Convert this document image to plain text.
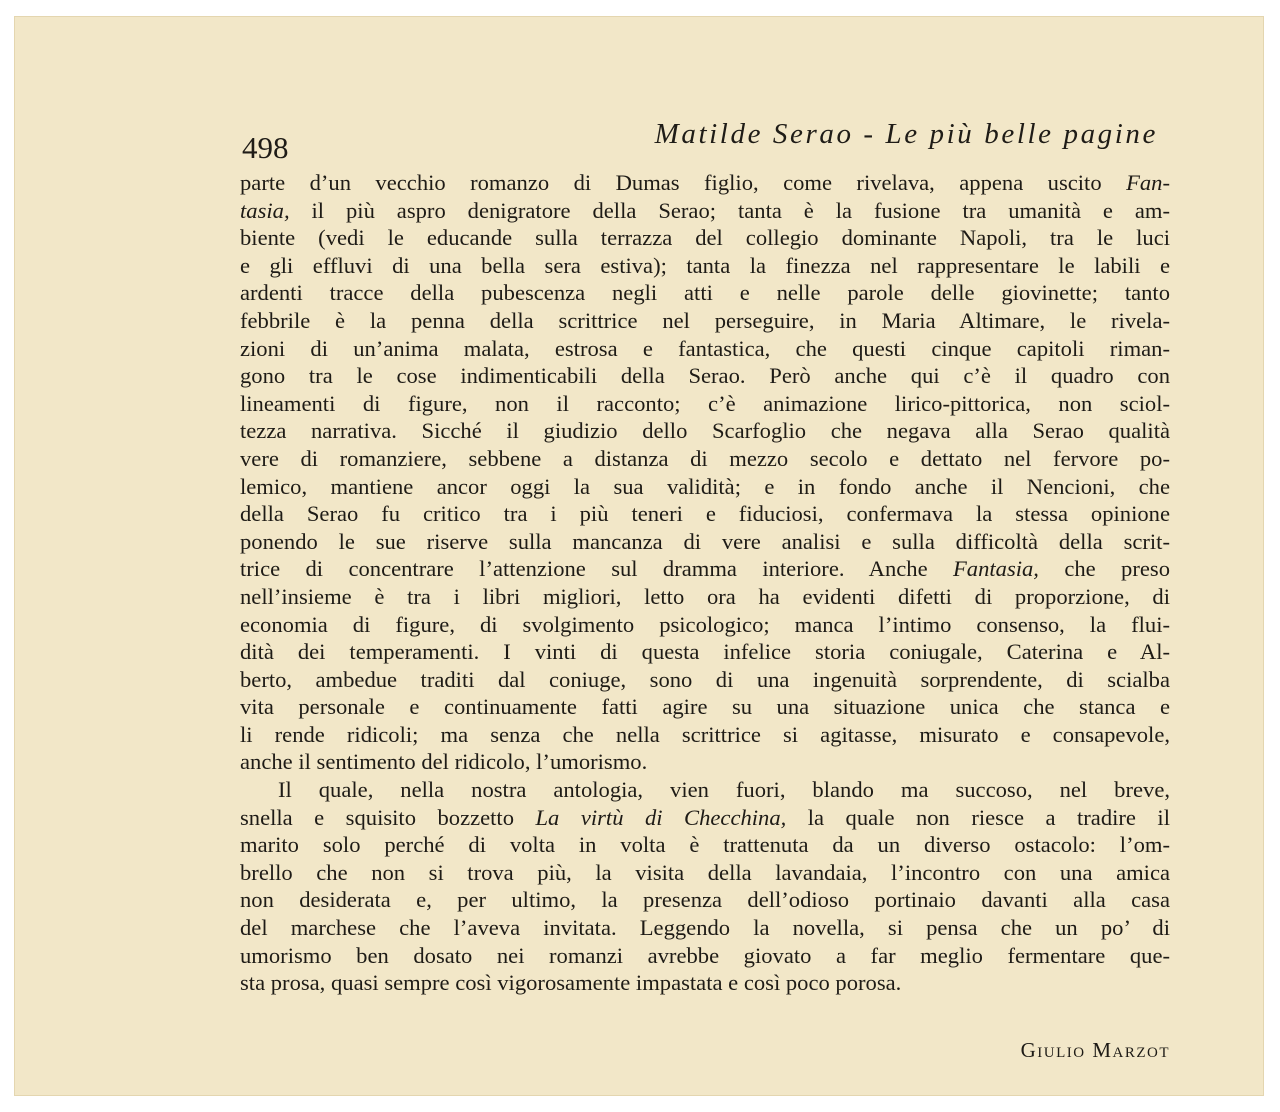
498	Matilde Serao - Le più belle pagine
parte d’un vecchio romanzo di Dumas figlio, come rivelava, appena uscito Fan-
tasia, il più aspro denigratore della Serao; tanta è la fusione tra umanità e am-
biente (vedi le educande sulla terrazza del collegio dominante Napoli, tra le luci
e gli effluvi di una bella sera estiva); tanta la finezza nel rappresentare le labili e
ardenti tracce della pubescenza negli atti e nelle parole delle giovinette; tanto
febbrile è la penna della scrittrice nel perseguire, in Maria Altimare, le rivela-
zioni di un’anima malata, estrosa e fantastica, che questi cinque capitoli riman-
gono tra le cose indimenticabili della Serao. Però anche qui c’è il quadro con
lineamenti di figure, non il racconto; c’è animazione lirico-pittorica, non sciol-
tezza narrativa. Sicché il giudizio dello Scarfoglio che negava alla Serao qualità
vere di romanziere, sebbene a distanza di mezzo secolo e dettato nel fervore po-
lemico, mantiene ancor oggi la sua validità; e in fondo anche il Nencioni, che
della Serao fu critico tra i più teneri e fiduciosi, confermava la stessa opinione
ponendo le sue riserve sulla mancanza di vere analisi e sulla difficoltà della scrit-
trice di concentrare l’attenzione sul dramma interiore. Anche Fantasia, che preso
nell’insieme è tra i libri migliori, letto ora ha evidenti difetti di proporzione, di
economia di figure, di svolgimento psicologico; manca l’intimo consenso, la flui-
dità dei temperamenti. I vinti di questa infelice storia coniugale, Caterina e Al-
berto, ambedue traditi dal coniuge, sono di una ingenuità sorprendente, di scialba
vita personale e continuamente fatti agire su una situazione unica che stanca e
li rende ridicoli; ma senza che nella scrittrice si agitasse, misurato e consapevole,
anche il sentimento del ridicolo, l’umorismo.
Il quale, nella nostra antologia, vien fuori, blando ma succoso, nel breve,
snella e squisito bozzetto La virtù di Checchina, la quale non riesce a tradire il
marito solo perché di volta in volta è trattenuta da un diverso ostacolo: l’om-
brello che non si trova più, la visita della lavandaia, l’incontro con una amica
non desiderata e, per ultimo, la presenza dell’odioso portinaio davanti alla casa
del marchese che l’aveva invitata. Leggendo la novella, si pensa che un po’ di
umorismo ben dosato nei romanzi avrebbe giovato a far meglio fermentare que-
sta prosa, quasi sempre così vigorosamente impastata e così poco porosa.
Giulio Marzot
